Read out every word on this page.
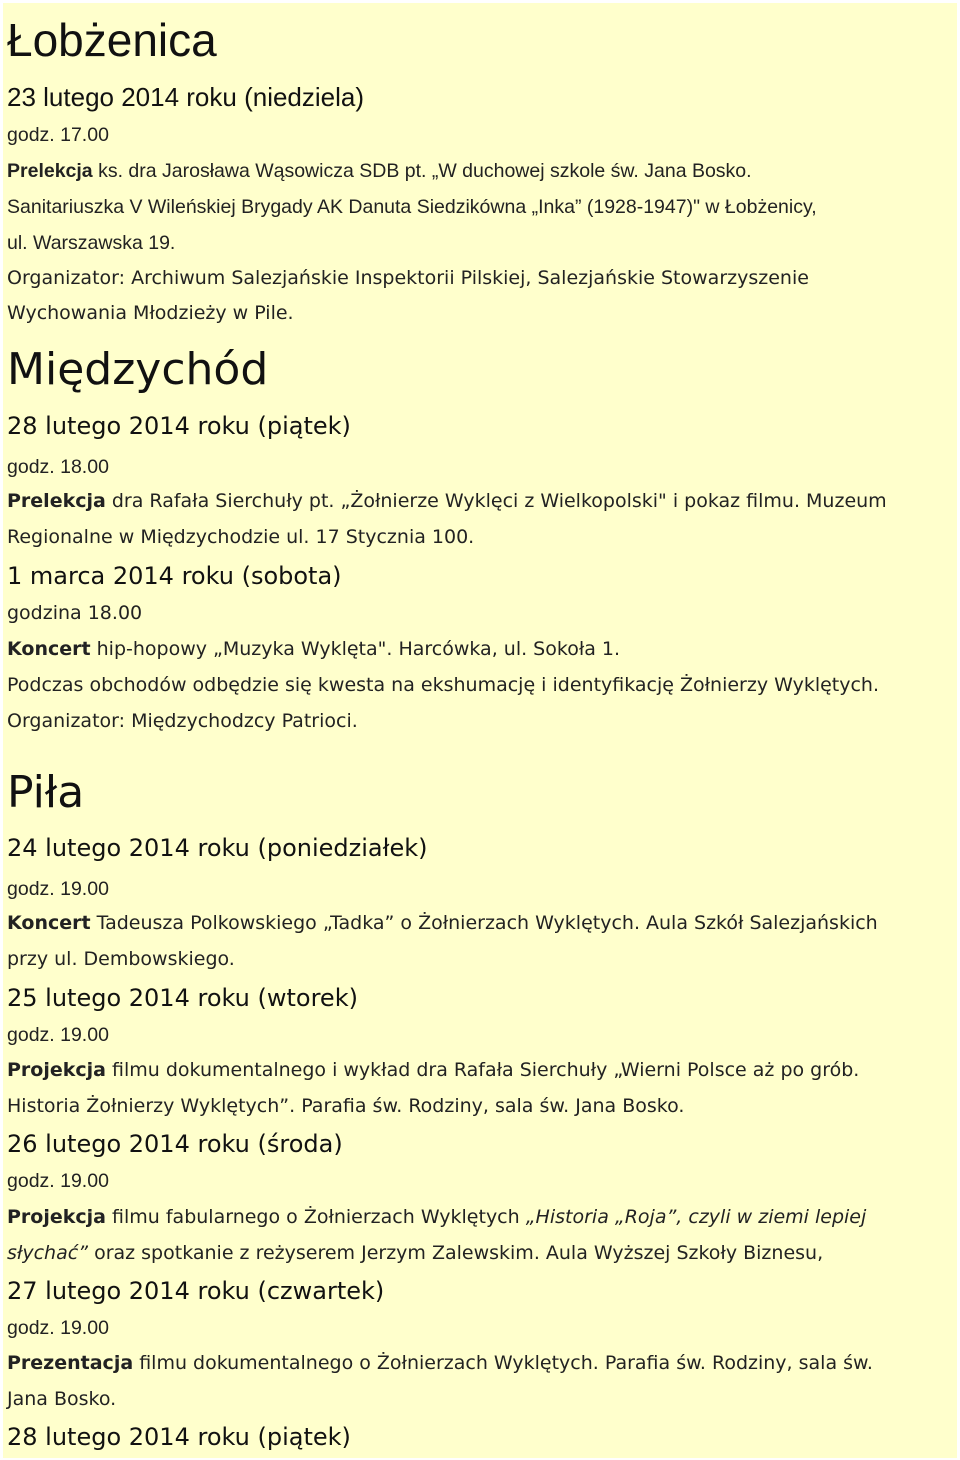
Łobżenica
23 lutego 2014 roku (niedziela)
godz. 17.00
Prelekcja ks. dra Jarosława Wąsowicza SDB pt. „W duchowej szkole św. Jana Bosko.
Sanitariuszka V Wileńskiej Brygady AK Danuta Siedzikówna „Inka” (1928-1947)" w Łobżenicy,
ul. Warszawska 19.
Organizator: Archiwum Salezjańskie Inspektorii Pilskiej, Salezjańskie Stowarzyszenie
Wychowania Młodzieży w Pile.
Międzychód
28 lutego 2014 roku (piątek)
godz. 18.00
Prelekcja dra Rafała Sierchuły pt. „Żołnierze Wyklęci z Wielkopolski" i pokaz filmu. Muzeum
Regionalne w Międzychodzie ul. 17 Stycznia 100.
1 marca 2014 roku (sobota)
godzina 18.00
Koncert hip-hopowy „Muzyka Wyklęta". Harcówka, ul. Sokoła 1.
Podczas obchodów odbędzie się kwesta na ekshumację i identyfikację Żołnierzy Wyklętych.
Organizator: Międzychodzcy Patrioci.
Piła
24 lutego 2014 roku (poniedziałek)
godz. 19.00
Koncert Tadeusza Polkowskiego „Tadka” o Żołnierzach Wyklętych. Aula Szkół Salezjańskich
przy ul. Dembowskiego.
25 lutego 2014 roku (wtorek)
godz. 19.00
Projekcja filmu dokumentalnego i wykład dra Rafała Sierchuły „Wierni Polsce aż po grób.
Historia Żołnierzy Wyklętych”. Parafia św. Rodziny, sala św. Jana Bosko.
26 lutego 2014 roku (środa)
godz. 19.00
Projekcja filmu fabularnego o Żołnierzach Wyklętych „Historia „Roja”, czyli w ziemi lepiej
słychać” oraz spotkanie z reżyserem Jerzym Zalewskim. Aula Wyższej Szkoły Biznesu,
27 lutego 2014 roku (czwartek)
godz. 19.00
Prezentacja filmu dokumentalnego o Żołnierzach Wyklętych. Parafia św. Rodziny, sala św.
Jana Bosko.
28 lutego 2014 roku (piątek)
